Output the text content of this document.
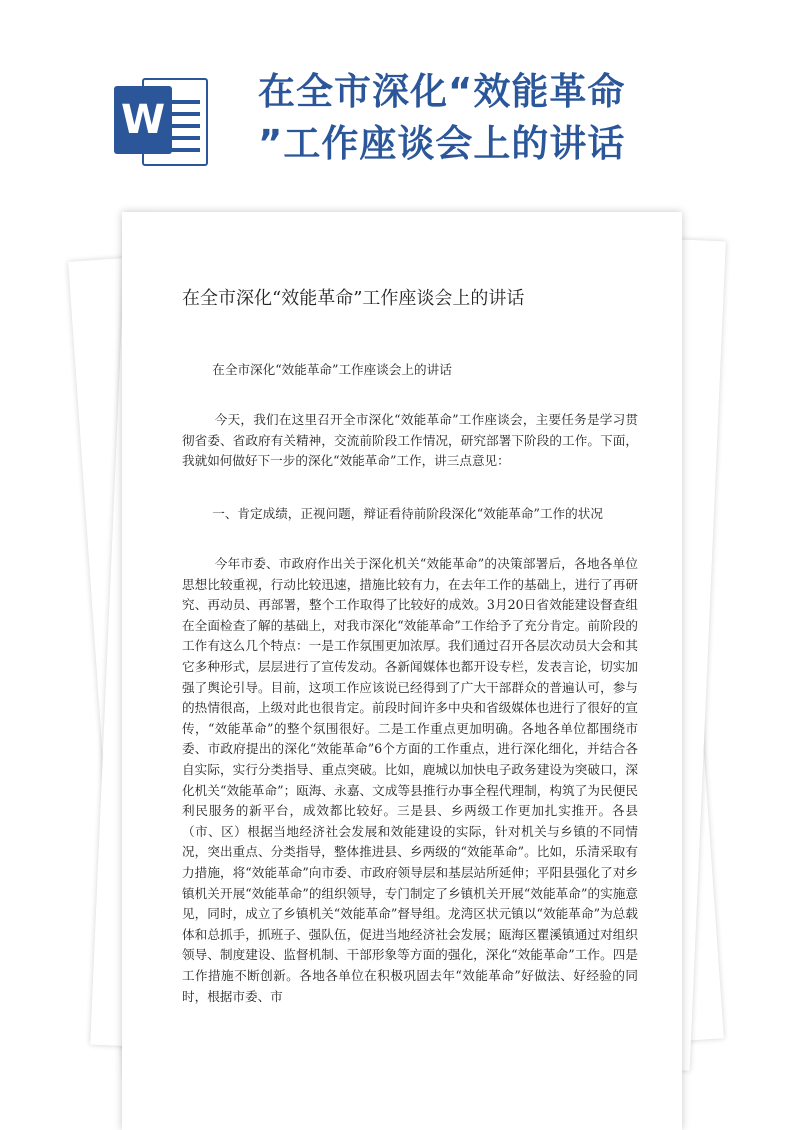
W
在全市深化“效能革命
”工作座谈会上的讲话
在全市深化“效能革命”工作座谈会上的讲话

在全市深化“效能革命”工作座谈会上的讲话

今天，我们在这里召开全市深化“效能革命”工作座谈会，主要任务是学习贯彻省委、省政府有关精神，交流前阶段工作情况，研究部署下阶段的工作。下面，我就如何做好下一步的深化“效能革命”工作，讲三点意见：

一、肯定成绩，正视问题，辩证看待前阶段深化“效能革命”工作的状况

今年市委、市政府作出关于深化机关“效能革命”的决策部署后，各地各单位思想比较重视，行动比较迅速，措施比较有力，在去年工作的基础上，进行了再研究、再动员、再部署，整个工作取得了比较好的成效。3月20日省效能建设督查组在全面检查了解的基础上，对我市深化“效能革命”工作给予了充分肯定。前阶段的工作有这么几个特点：一是工作氛围更加浓厚。我们通过召开各层次动员大会和其它多种形式，层层进行了宣传发动。各新闻媒体也都开设专栏，发表言论，切实加强了舆论引导。目前，这项工作应该说已经得到了广大干部群众的普遍认可，参与的热情很高，上级对此也很肯定。前段时间许多中央和省级媒体也进行了很好的宣传，“效能革命”的整个氛围很好。二是工作重点更加明确。各地各单位都围绕市委、市政府提出的深化“效能革命”6个方面的工作重点，进行深化细化，并结合各自实际，实行分类指导、重点突破。比如，鹿城以加快电子政务建设为突破口，深化机关“效能革命”；瓯海、永嘉、文成等县推行办事全程代理制，构筑了为民便民利民服务的新平台，成效都比较好。三是县、乡两级工作更加扎实推开。各县（市、区）根据当地经济社会发展和效能建设的实际，针对机关与乡镇的不同情况，突出重点、分类指导，整体推进县、乡两级的“效能革命”。比如，乐清采取有力措施，将“效能革命”向市委、市政府领导层和基层站所延伸；平阳县强化了对乡镇机关开展“效能革命”的组织领导，专门制定了乡镇机关开展“效能革命”的实施意见，同时，成立了乡镇机关“效能革命”督导组。龙湾区状元镇以“效能革命”为总载体和总抓手，抓班子、强队伍，促进当地经济社会发展；瓯海区瞿溪镇通过对组织领导、制度建设、监督机制、干部形象等方面的强化，深化“效能革命”工作。四是工作措施不断创新。各地各单位在积极巩固去年“效能革命”好做法、好经验的同时，根据市委、市
